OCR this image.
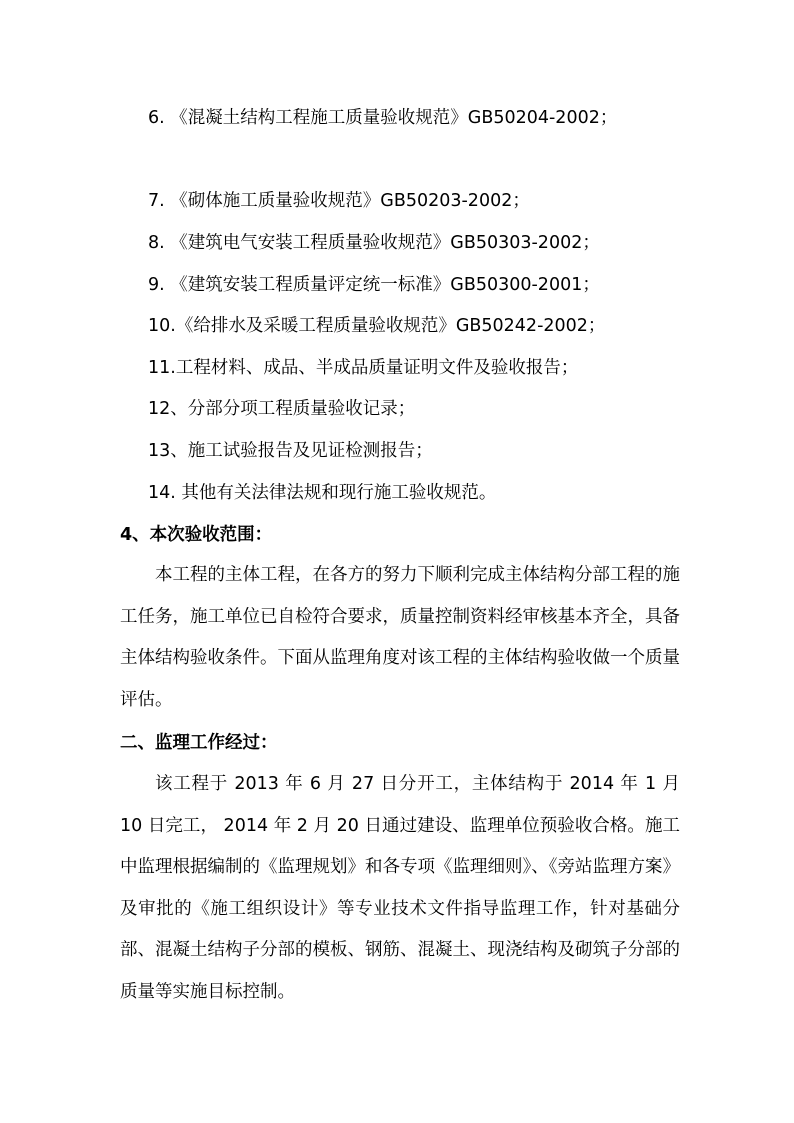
6. 《混凝土结构工程施工质量验收规范》GB50204-2002；
7. 《砌体施工质量验收规范》GB50203-2002；
8. 《建筑电气安装工程质量验收规范》GB50303-2002；
9. 《建筑安装工程质量评定统一标准》GB50300-2001；
10.《给排水及采暖工程质量验收规范》GB50242-2002；
11.工程材料、成品、半成品质量证明文件及验收报告；
12、分部分项工程质量验收记录；
13、施工试验报告及见证检测报告；
14. 其他有关法律法规和现行施工验收规范。
4、本次验收范围：

本工程的主体工程，在各方的努力下顺利完成主体结构分部工程的施工任务，施工单位已自检符合要求，质量控制资料经审核基本齐全，具备主体结构验收条件。下面从监理角度对该工程的主体结构验收做一个质量评估。

二、监理工作经过：

该工程于 2013 年 6 月 27 日分开工，主体结构于 2014 年 1 月 10 日完工， 2014 年 2 月 20 日通过建设、监理单位预验收合格。施工中监理根据编制的《监理规划》和各专项《监理细则》、《旁站监理方案》及审批的《施工组织设计》等专业技术文件指导监理工作，针对基础分部、混凝土结构子分部的模板、钢筋、混凝土、现浇结构及砌筑子分部的质量等实施目标控制。
